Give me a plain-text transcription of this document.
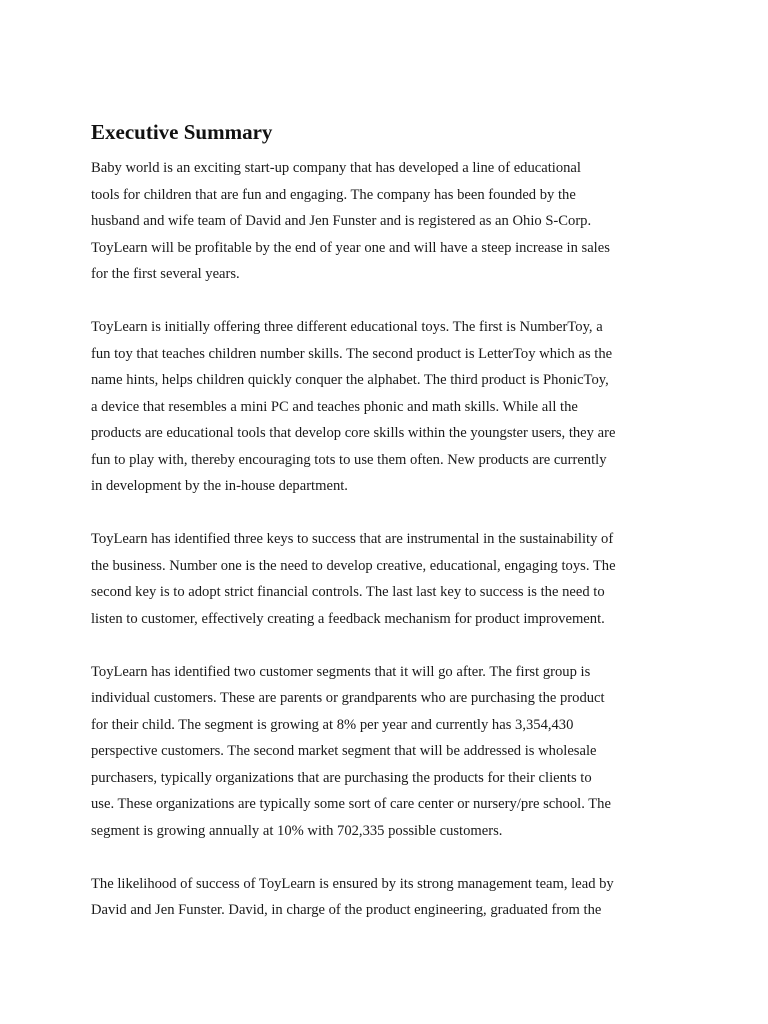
Executive Summary

Baby world is an exciting start-up company that has developed a line of educational
tools for children that are fun and engaging. The company has been founded by the
husband and wife team of David and Jen Funster and is registered as an Ohio S-Corp.
ToyLearn will be profitable by the end of year one and will have a steep increase in sales
for the first several years.

ToyLearn is initially offering three different educational toys. The first is NumberToy, a
fun toy that teaches children number skills. The second product is LetterToy which as the
name hints, helps children quickly conquer the alphabet. The third product is PhonicToy,
a device that resembles a mini PC and teaches phonic and math skills. While all the
products are educational tools that develop core skills within the youngster users, they are
fun to play with, thereby encouraging tots to use them often. New products are currently
in development by the in-house department.

ToyLearn has identified three keys to success that are instrumental in the sustainability of
the business. Number one is the need to develop creative, educational, engaging toys. The
second key is to adopt strict financial controls. The last last key to success is the need to
listen to customer, effectively creating a feedback mechanism for product improvement.

ToyLearn has identified two customer segments that it will go after. The first group is
individual customers. These are parents or grandparents who are purchasing the product
for their child. The segment is growing at 8% per year and currently has 3,354,430
perspective customers. The second market segment that will be addressed is wholesale
purchasers, typically organizations that are purchasing the products for their clients to
use. These organizations are typically some sort of care center or nursery/pre school. The
segment is growing annually at 10% with 702,335 possible customers.

The likelihood of success of ToyLearn is ensured by its strong management team, lead by
David and Jen Funster. David, in charge of the product engineering, graduated from the
